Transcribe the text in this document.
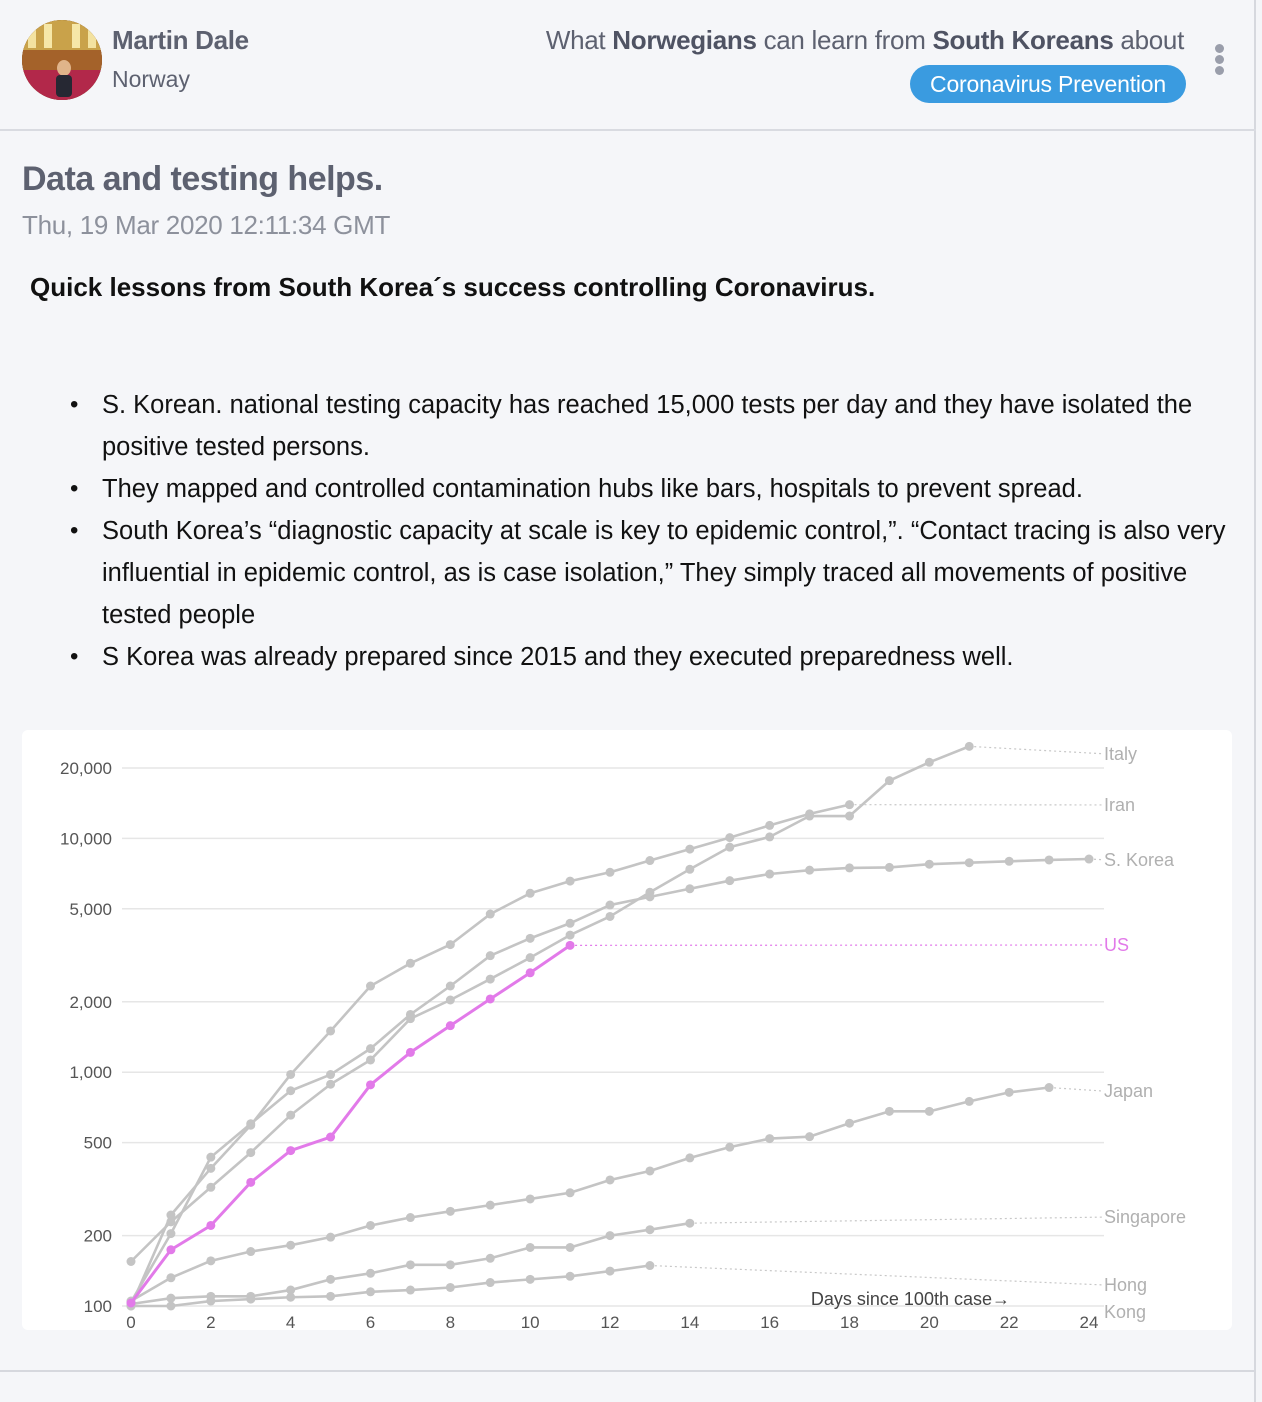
Martin Dale
Norway
What Norwegians can learn from South Koreans about
Coronavirus Prevention
Data and testing helps.
Thu, 19 Mar 2020 12:11:34 GMT
Quick lessons from South Korea´s success controlling Coronavirus.
• S. Korean. national testing capacity has reached 15,000 tests per day and they have isolated the positive tested persons.
• They mapped and controlled contamination hubs like bars, hospitals to prevent spread.
• South Korea’s “diagnostic capacity at scale is key to epidemic control,”. “Contact tracing is also very influential in epidemic control, as is case isolation,” They simply traced all movements of positive tested people
• S Korea was already prepared since 2015 and they executed preparedness well.
100
200
500
1,000
2,000
5,000
10,000
20,000
0	2	4	6	8	10	12	14	16	18	20	22	24
Days since 100th case→
Italy
Iran
S. Korea
Japan
Singapore
Hong Kong
US
